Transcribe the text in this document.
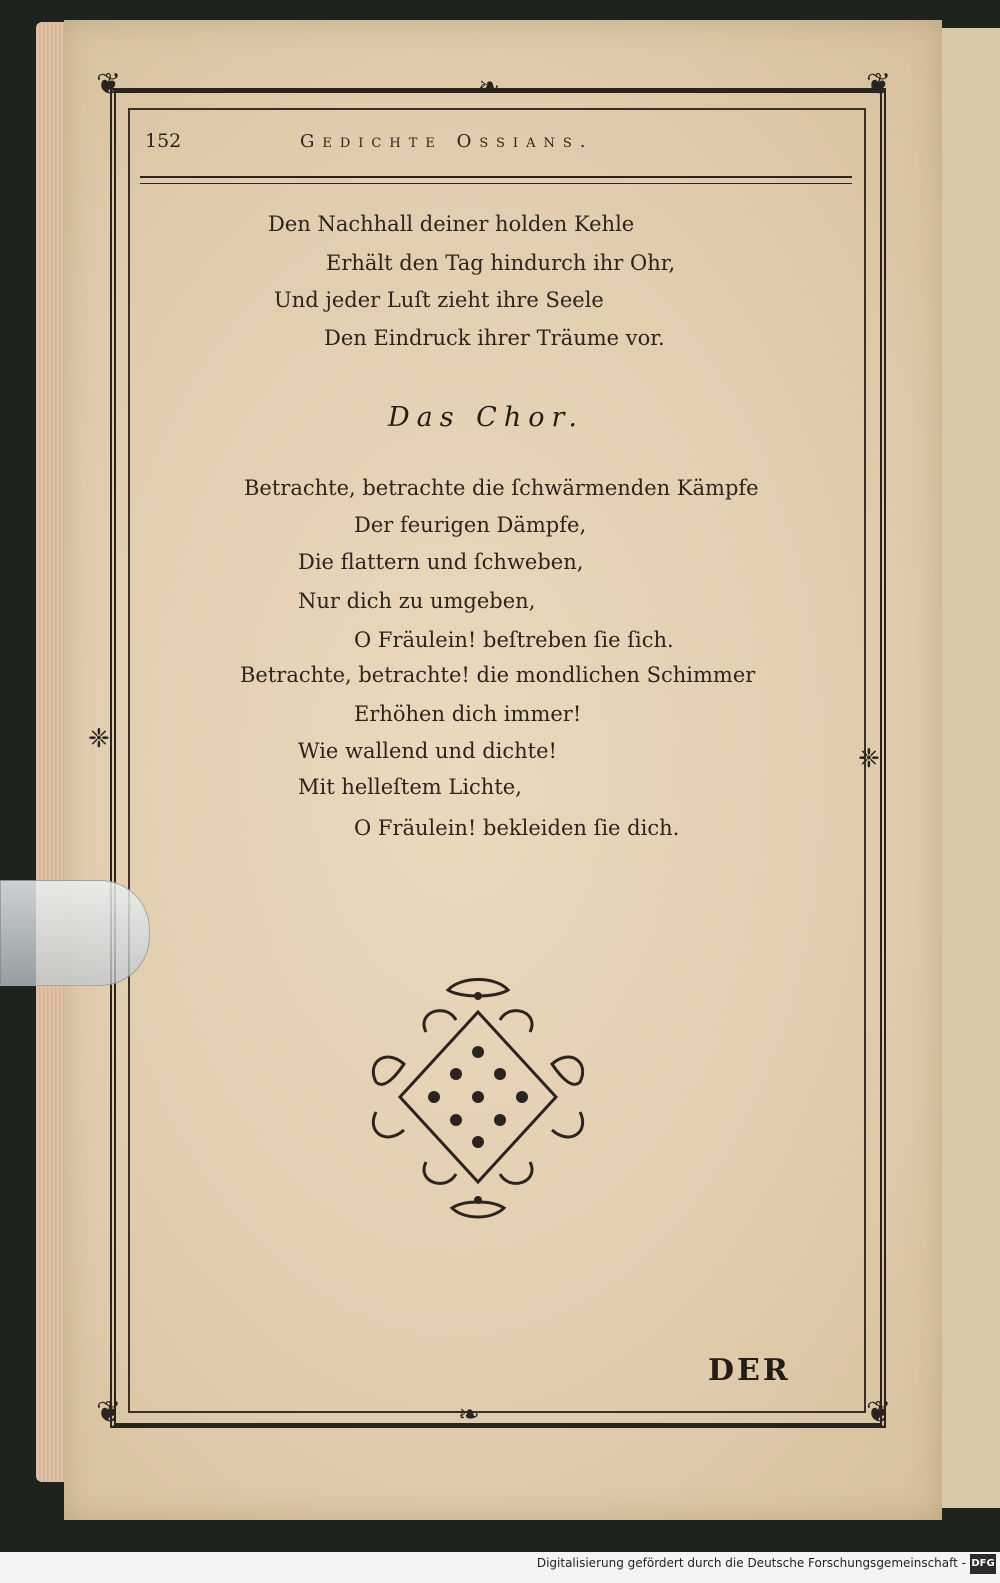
❦	❦
❦	❦
❧
❧
❈
❈
152	Gedichte Ossians.
Den Nachhall deiner holden Kehle
Erhält den Tag hindurch ihr Ohr,
Und jeder Luſt zieht ihre Seele
Den Eindruck ihrer Träume vor.
Das Chor.
Betrachte, betrachte die ſchwärmenden Kämpfe
Der feurigen Dämpfe,
Die flattern und ſchweben,
Nur dich zu umgeben,
O Fräulein! beſtreben ſie ſich.
Betrachte, betrachte! die mondlichen Schimmer
Erhöhen dich immer!
Wie wallend und dichte!
Mit helleſtem Lichte,
O Fräulein! bekleiden ſie dich.
DER
Digitalisierung gefördert durch die Deutsche Forschungsgemeinschaft - DFG
